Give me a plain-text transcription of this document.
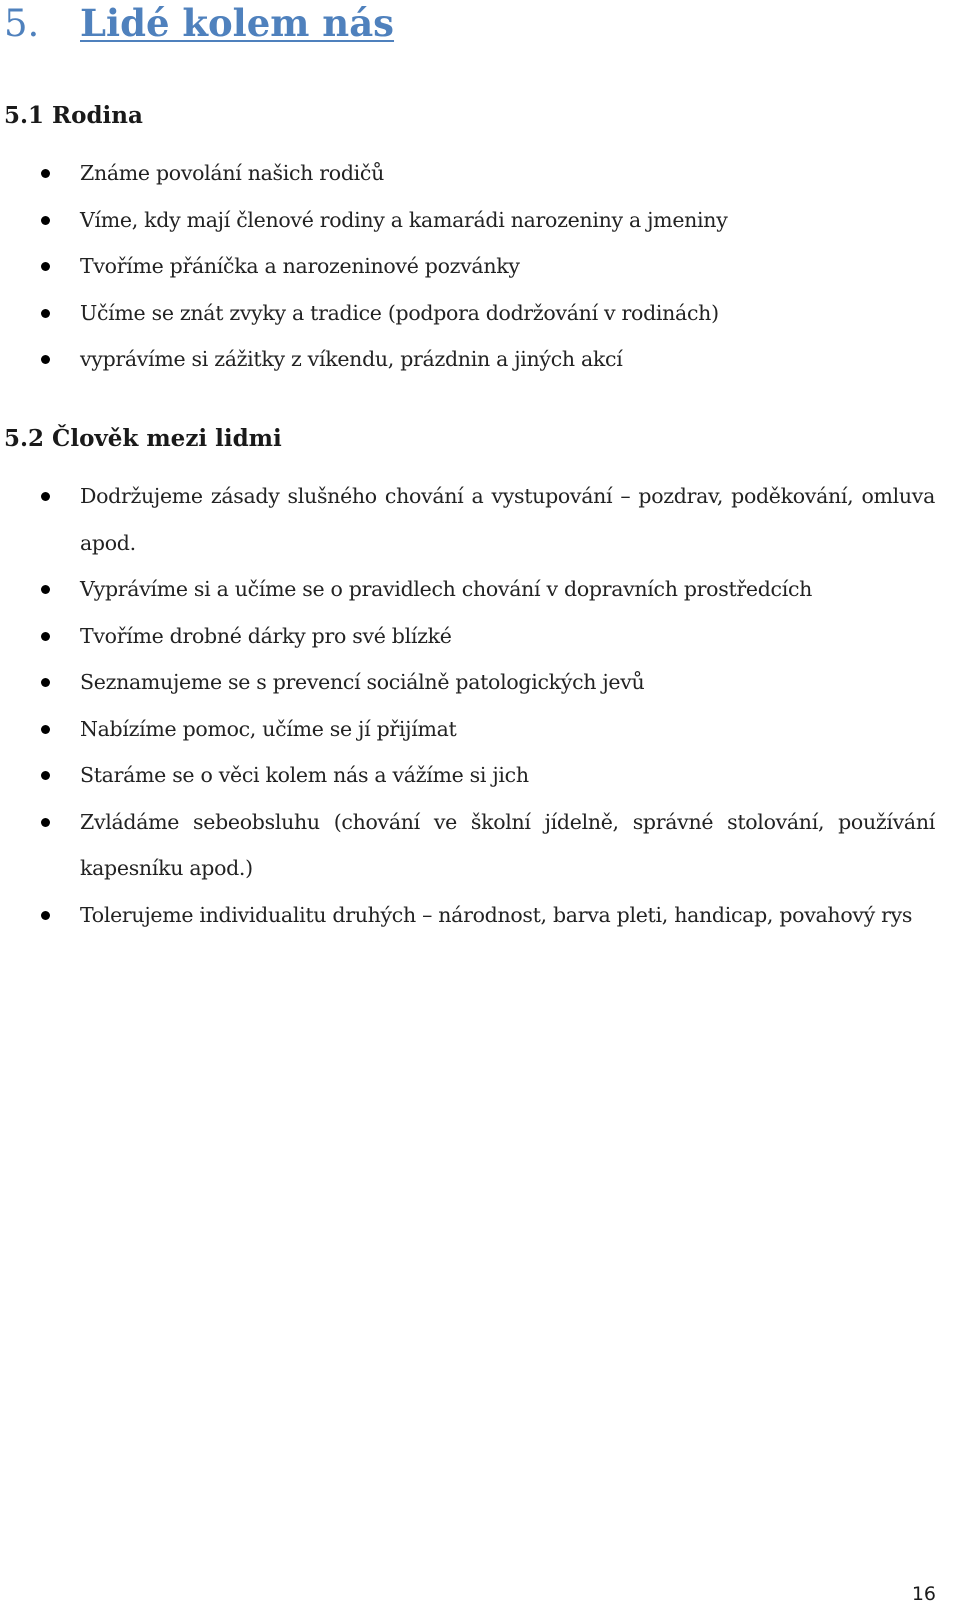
5. Lidé kolem nás
5.1 Rodina
Známe povolání našich rodičů
Víme, kdy mají členové rodiny a kamarádi narozeniny a jmeniny
Tvoříme přáníčka a narozeninové pozvánky
Učíme se znát zvyky a tradice (podpora dodržování v rodinách)
vyprávíme si zážitky z víkendu, prázdnin a jiných akcí
5.2 Člověk mezi lidmi
Dodržujeme zásady slušného chování a vystupování – pozdrav, poděkování, omluva apod.
Vyprávíme si a učíme se o pravidlech chování v dopravních prostředcích
Tvoříme drobné dárky pro své blízké
Seznamujeme se s prevencí sociálně patologických jevů
Nabízíme pomoc, učíme se jí přijímat
Staráme se o věci kolem nás a vážíme si jich
Zvládáme sebeobsluhu (chování ve školní jídelně, správné stolování, používání kapesníku apod.)
Tolerujeme individualitu druhých – národnost, barva pleti, handicap, povahový rys
16
